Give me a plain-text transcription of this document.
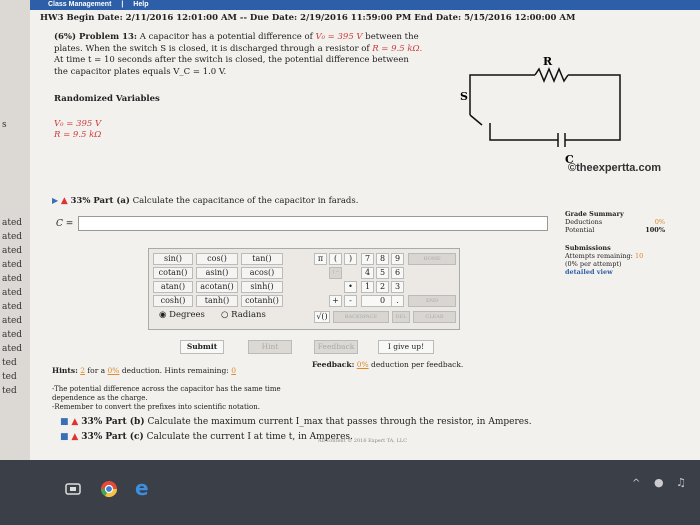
Class Management | Help
s
ated
ated
ated
ated
ated
ated
ated
ated
ated
ated
ted
ted
ted
HW3 Begin Date: 2/11/2016 12:01:00 AM -- Due Date: 2/19/2016 11:59:00 PM End Date: 5/15/2016 12:00:00 AM
(6%) Problem 13: A capacitor has a potential difference of V₀ = 395 V between the
plates. When the switch S is closed, it is discharged through a resistor of R = 9.5 kΩ.
At time t = 10 seconds after the switch is closed, the potential difference between
the capacitor plates equals V_C = 1.0 V.
Randomized Variables
V₀ = 395 V
R = 9.5 kΩ
R
S
C
©theexpertta.com
▶ ▲ 33% Part (a) Calculate the capacitance of the capacitor in farads.
C =
sin()	cos()	tan()
cotan()	asin()	acos()
atan()	acotan()	sinh()
cosh()	tanh()	cotanh()
◉ Degrees ○ Radians
π	(	)	7	8	9	HOME
↑^	4	5	6
•	1	2	3
+	-	0	.	END
√()	BACKSPACE	DEL	CLEAR
Submit	Hint	Feedback	I give up!
Hints: 2 for a 0% deduction. Hints remaining: 0
Feedback: 0% deduction per feedback.
-The potential difference across the capacitor has the same time dependence as the charge.
-Remember to convert the prefixes into scientific notation.
■ ▲ 33% Part (b) Calculate the maximum current I_max that passes through the resistor, in Amperes.
■ ▲ 33% Part (c) Calculate the current I at time t, in Amperes.
Grade Summary
Deductions	0%
Potential	100%
Submissions
Attempts remaining: 10
(0% per attempt)
detailed view
All content © 2016 Expert TA, LLC
e	^ ● ♫
